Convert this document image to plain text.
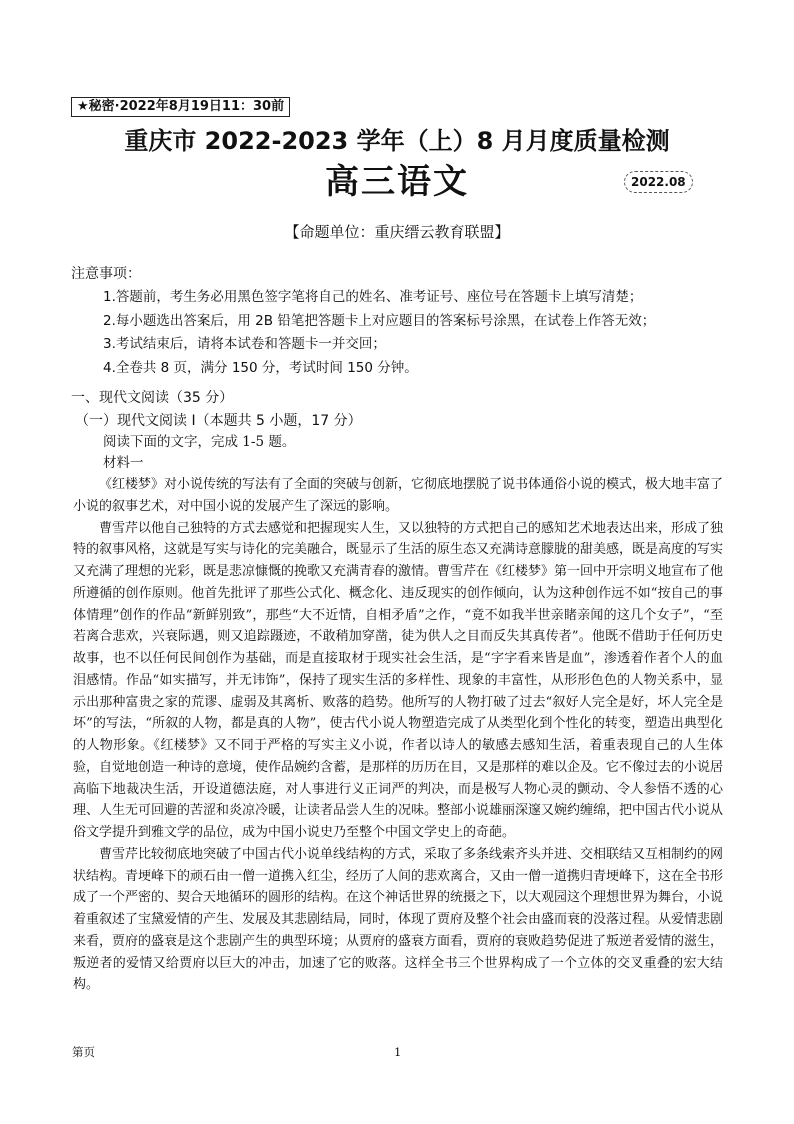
★秘密·2022年8月19日11：30前
重庆市 2022-2023 学年（上）8 月月度质量检测
高三语文	2022.08
【命题单位：重庆缙云教育联盟】
注意事项：
1.答题前，考生务必用黑色签字笔将自己的姓名、准考证号、座位号在答题卡上填写清楚；
2.每小题选出答案后，用 2B 铅笔把答题卡上对应题目的答案标号涂黑，在试卷上作答无效；
3.考试结束后，请将本试卷和答题卡一并交回；
4.全卷共 8 页，满分 150 分，考试时间 150 分钟。
一、现代文阅读（35 分）
（一）现代文阅读 I（本题共 5 小题，17 分）
阅读下面的文字，完成 1-5 题。
材料一

《红楼梦》对小说传统的写法有了全面的突破与创新，它彻底地摆脱了说书体通俗小说的模式，极大地丰富了小说的叙事艺术，对中国小说的发展产生了深远的影响。

曹雪芹以他自己独特的方式去感觉和把握现实人生，又以独特的方式把自己的感知艺术地表达出来，形成了独特的叙事风格，这就是写实与诗化的完美融合，既显示了生活的原生态又充满诗意朦胧的甜美感，既是高度的写实又充满了理想的光彩，既是悲凉慷慨的挽歌又充满青春的激情。曹雪芹在《红楼梦》第一回中开宗明义地宣布了他所遵循的创作原则。他首先批评了那些公式化、概念化、违反现实的创作倾向，认为这种创作远不如“按自己的事体情理”创作的作品“新鲜别致”，那些“大不近情，自相矛盾”之作，“竟不如我半世亲睹亲闻的这几个女子”，“至若离合悲欢，兴衰际遇，则又追踪蹑迹，不敢稍加穿凿，徒为供人之目而反失其真传者”。他既不借助于任何历史故事，也不以任何民间创作为基础，而是直接取材于现实社会生活，是“字字看来皆是血”，渗透着作者个人的血泪感情。作品“如实描写，并无讳饰”，保持了现实生活的多样性、现象的丰富性，从形形色色的人物关系中，显示出那种富贵之家的荒谬、虚弱及其离析、败落的趋势。他所写的人物打破了过去“叙好人完全是好，坏人完全是坏”的写法，“所叙的人物，都是真的人物”，使古代小说人物塑造完成了从类型化到个性化的转变，塑造出典型化的人物形象。《红楼梦》又不同于严格的写实主义小说，作者以诗人的敏感去感知生活，着重表现自己的人生体验，自觉地创造一种诗的意境，使作品婉约含蓄，是那样的历历在目，又是那样的难以企及。它不像过去的小说居高临下地裁决生活，开设道德法庭，对人事进行义正词严的判决，而是极写人物心灵的颤动、令人参悟不透的心理、人生无可回避的苦涩和炎凉冷暖，让读者品尝人生的况味。整部小说雄丽深邃又婉约缠绵，把中国古代小说从俗文学提升到雅文学的品位，成为中国小说史乃至整个中国文学史上的奇葩。

曹雪芹比较彻底地突破了中国古代小说单线结构的方式，采取了多条线索齐头并进、交相联结又互相制约的网状结构。青埂峰下的顽石由一僧一道携入红尘，经历了人间的悲欢离合，又由一僧一道携归青埂峰下，这在全书形成了一个严密的、契合天地循环的圆形的结构。在这个神话世界的统摄之下，以大观园这个理想世界为舞台，小说着重叙述了宝黛爱情的产生、发展及其悲剧结局，同时，体现了贾府及整个社会由盛而衰的没落过程。从爱情悲剧来看，贾府的盛衰是这个悲剧产生的典型环境；从贾府的盛衰方面看，贾府的衰败趋势促进了叛逆者爱情的滋生，叛逆者的爱情又给贾府以巨大的冲击，加速了它的败落。这样全书三个世界构成了一个立体的交叉重叠的宏大结构。

第页	1
